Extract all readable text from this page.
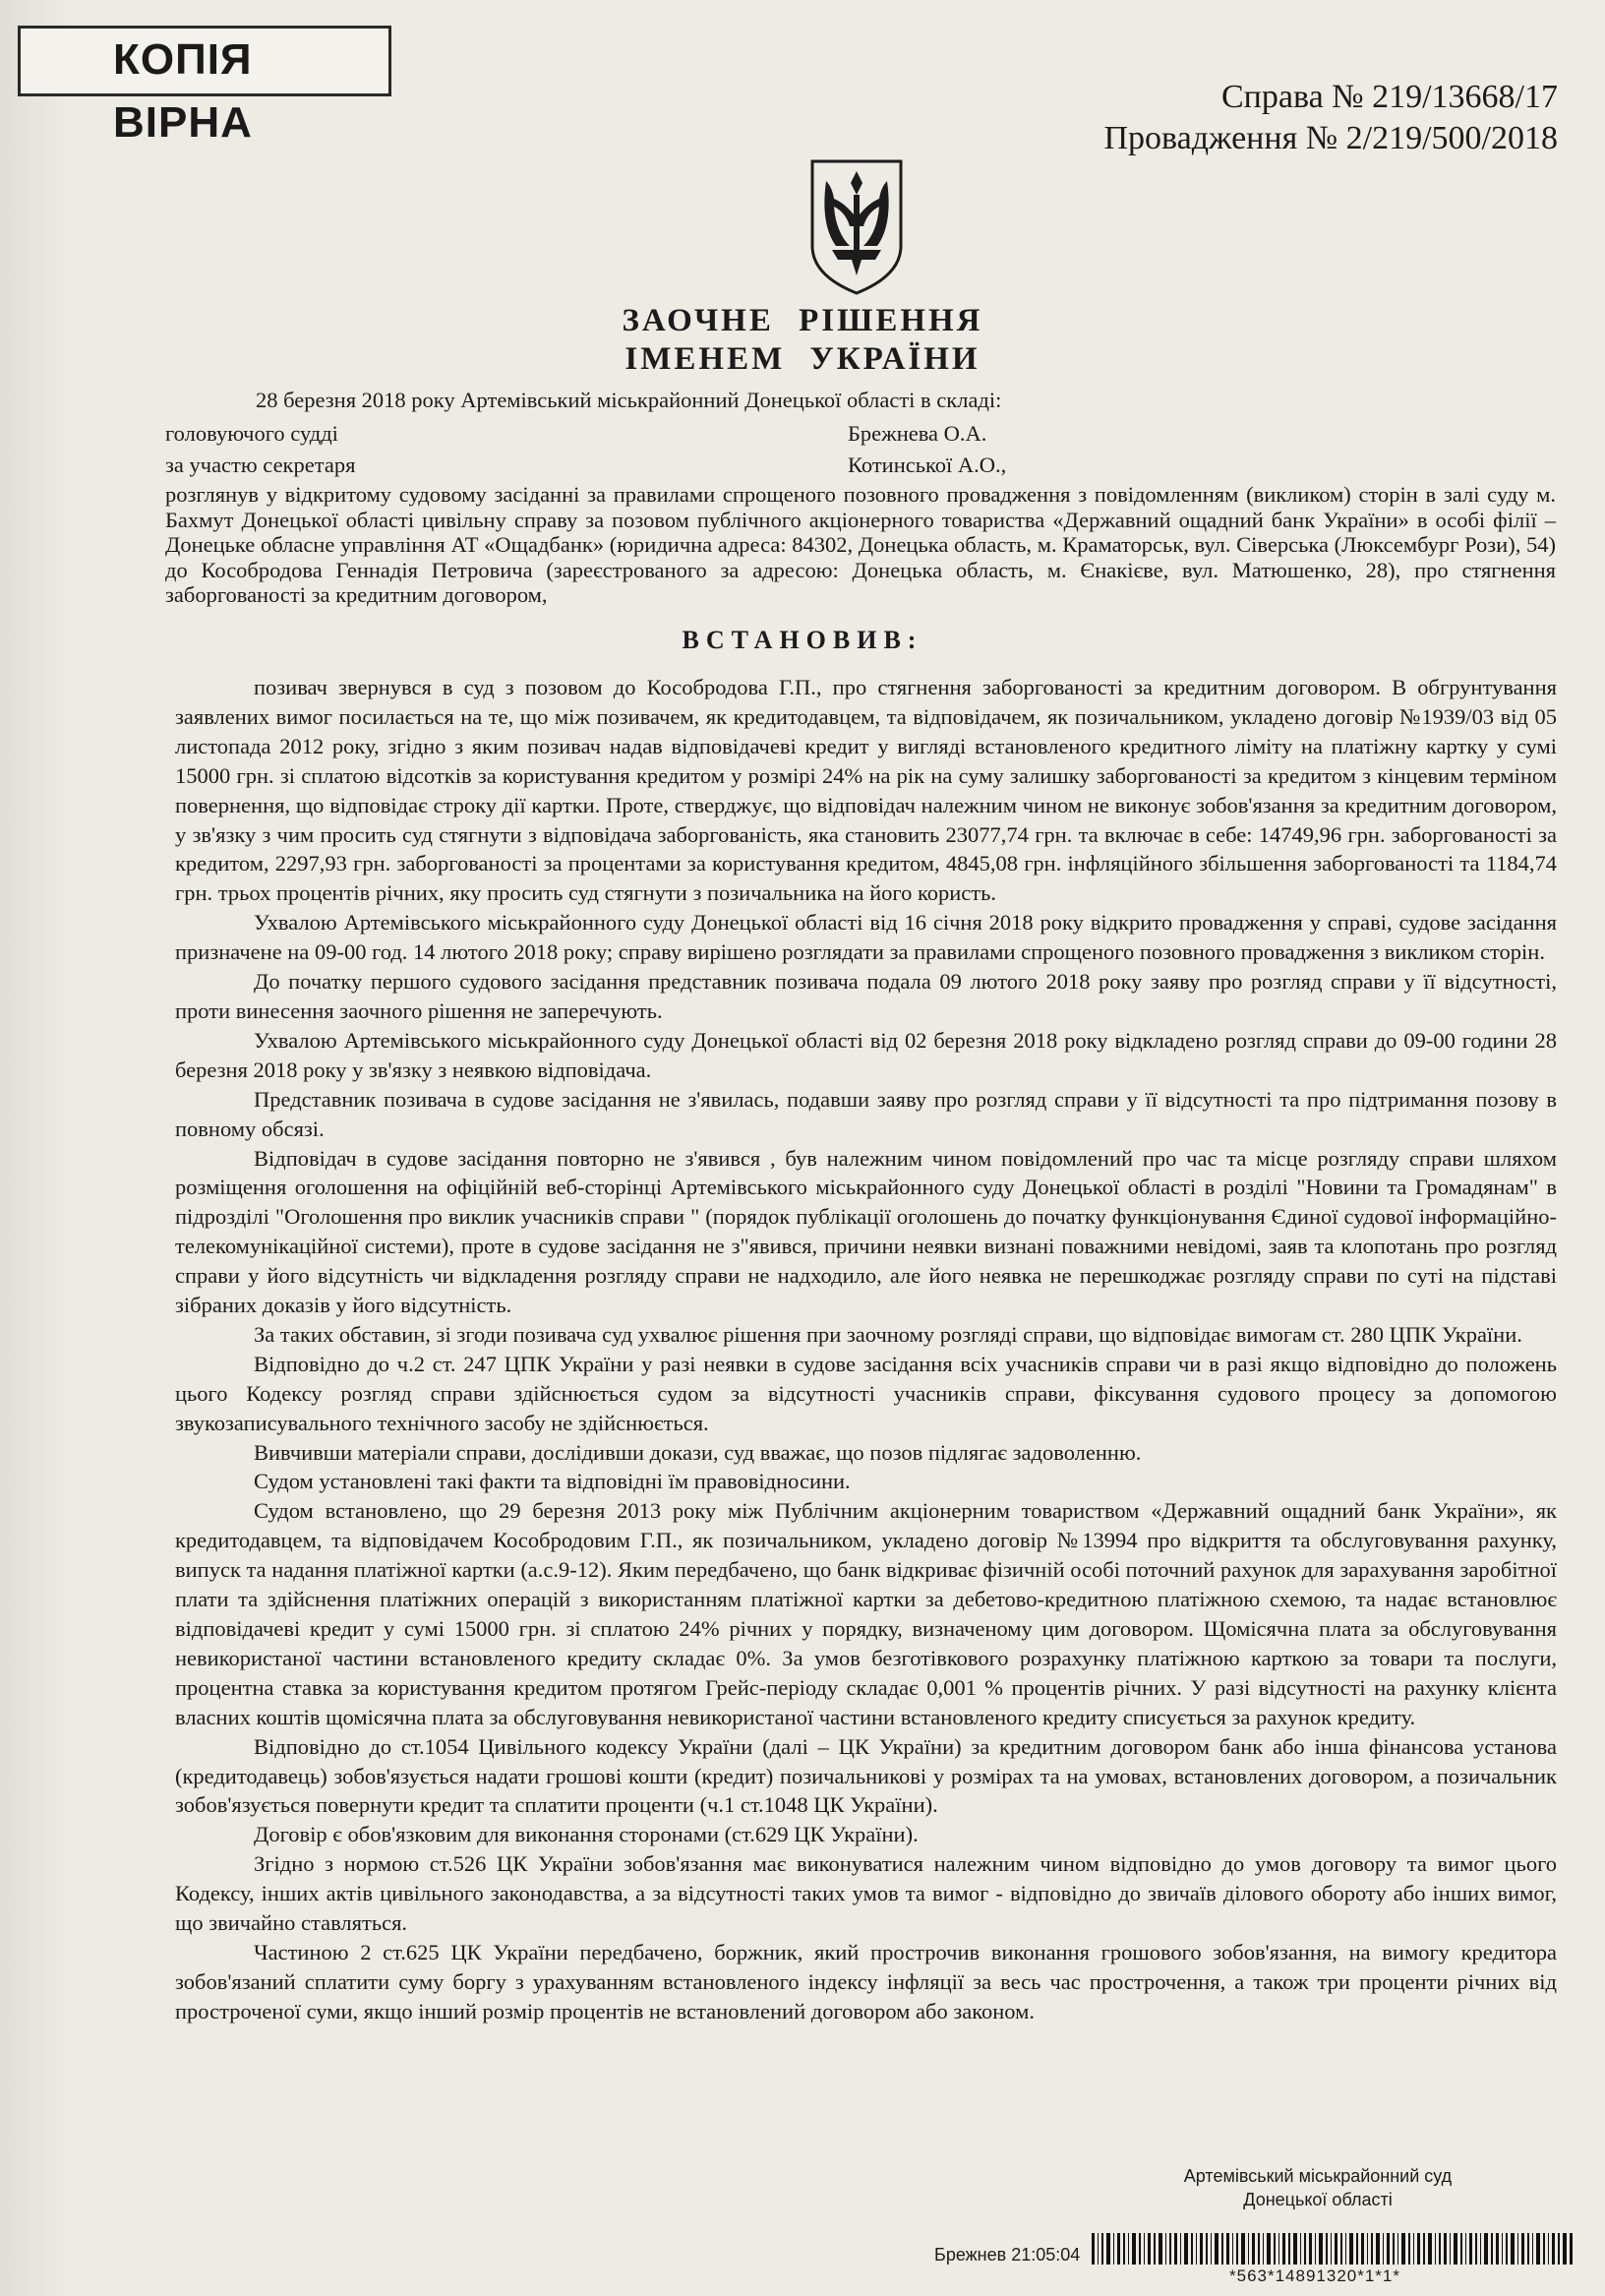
КОПІЯ ВІРНА
Справа № 219/13668/17
Провадження № 2/219/500/2018
ЗАОЧНЕ РІШЕННЯ
ІМЕНЕМ УКРАЇНИ
28 березня 2018 року Артемівський міськрайонний Донецької області в складі:
головуючого судді	Брежнева О.А.
за участю секретаря	Котинської А.О.,
розглянув у відкритому судовому засіданні за правилами спрощеного позовного провадження з повідомленням (викликом) сторін в залі суду м. Бахмут Донецької області цивільну справу за позовом публічного акціонерного товариства «Державний ощадний банк України» в особі філії – Донецьке обласне управління АТ «Ощадбанк» (юридична адреса: 84302, Донецька область, м. Краматорськ, вул. Сіверська (Люксембург Рози), 54) до Кособродова Геннадія Петровича (зареєстрованого за адресою: Донецька область, м. Єнакієве, вул. Матюшенко, 28), про стягнення заборгованості за кредитним договором,
ВСТАНОВИВ:

позивач звернувся в суд з позовом до Кособродова Г.П., про стягнення заборгованості за кредитним договором. В обгрунтування заявлених вимог посилається на те, що між позивачем, як кредитодавцем, та відповідачем, як позичальником, укладено договір №1939/03 від 05 листопада 2012 року, згідно з яким позивач надав відповідачеві кредит у вигляді встановленого кредитного ліміту на платіжну картку у сумі 15000 грн. зі сплатою відсотків за користування кредитом у розмірі 24% на рік на суму залишку заборгованості за кредитом з кінцевим терміном повернення, що відповідає строку дії картки. Проте, стверджує, що відповідач належним чином не виконує зобов'язання за кредитним договором, у зв'язку з чим просить суд стягнути з відповідача заборгованість, яка становить 23077,74 грн. та включає в себе: 14749,96 грн. заборгованості за кредитом, 2297,93 грн. заборгованості за процентами за користування кредитом, 4845,08 грн. інфляційного збільшення заборгованості та 1184,74 грн. трьох процентів річних, яку просить суд стягнути з позичальника на його користь.

Ухвалою Артемівського міськрайонного суду Донецької області від 16 січня 2018 року відкрито провадження у справі, судове засідання призначене на 09-00 год. 14 лютого 2018 року; справу вирішено розглядати за правилами спрощеного позовного провадження з викликом сторін.

До початку першого судового засідання представник позивача подала 09 лютого 2018 року заяву про розгляд справи у її відсутності, проти винесення заочного рішення не заперечують.

Ухвалою Артемівського міськрайонного суду Донецької області від 02 березня 2018 року відкладено розгляд справи до 09-00 години 28 березня 2018 року у зв'язку з неявкою відповідача.

Представник позивача в судове засідання не з'явилась, подавши заяву про розгляд справи у її відсутності та про підтримання позову в повному обсязі.

Відповідач в судове засідання повторно не з'явився , був належним чином повідомлений про час та місце розгляду справи шляхом розміщення оголошення на офіційній веб-сторінці Артемівського міськрайонного суду Донецької області в розділі "Новини та Громадянам" в підрозділі "Оголошення про виклик учасників справи " (порядок публікації оголошень до початку функціонування Єдиної судової інформаційно-телекомунікаційної системи), проте в судове засідання не з"явився, причини неявки визнані поважними невідомі, заяв та клопотань про розгляд справи у його відсутність чи відкладення розгляду справи не надходило, але його неявка не перешкоджає розгляду справи по суті на підставі зібраних доказів у його відсутність.

За таких обставин, зі згоди позивача суд ухвалює рішення при заочному розгляді справи, що відповідає вимогам ст. 280 ЦПК України.

Відповідно до ч.2 ст. 247 ЦПК України у разі неявки в судове засідання всіх учасників справи чи в разі якщо відповідно до положень цього Кодексу розгляд справи здійснюється судом за відсутності учасників справи, фіксування судового процесу за допомогою звукозаписувального технічного засобу не здійснюється.

Вивчивши матеріали справи, дослідивши докази, суд вважає, що позов підлягає задоволенню.

Судом установлені такі факти та відповідні їм правовідносини.

Судом встановлено, що 29 березня 2013 року між Публічним акціонерним товариством «Державний ощадний банк України», як кредитодавцем, та відповідачем Кособродовим Г.П., як позичальником, укладено договір №13994 про відкриття та обслуговування рахунку, випуск та надання платіжної картки (а.с.9-12). Яким передбачено, що банк відкриває фізичній особі поточний рахунок для зарахування заробітної плати та здійснення платіжних операцій з використанням платіжної картки за дебетово-кредитною платіжною схемою, та надає встановлює відповідачеві кредит у сумі 15000 грн. зі сплатою 24% річних у порядку, визначеному цим договором. Щомісячна плата за обслуговування невикористаної частини встановленого кредиту складає 0%. За умов безготівкового розрахунку платіжною карткою за товари та послуги, процентна ставка за користування кредитом протягом Грейс-періоду складає 0,001 % процентів річних. У разі відсутності на рахунку клієнта власних коштів щомісячна плата за обслуговування невикористаної частини встановленого кредиту списується за рахунок кредиту.

Відповідно до ст.1054 Цивільного кодексу України (далі – ЦК України) за кредитним договором банк або інша фінансова установа (кредитодавець) зобов'язується надати грошові кошти (кредит) позичальникові у розмірах та на умовах, встановлених договором, а позичальник зобов'язується повернути кредит та сплатити проценти (ч.1 ст.1048 ЦК України).

Договір є обов'язковим для виконання сторонами (ст.629 ЦК України).

Згідно з нормою ст.526 ЦК України зобов'язання має виконуватися належним чином відповідно до умов договору та вимог цього Кодексу, інших актів цивільного законодавства, а за відсутності таких умов та вимог - відповідно до звичаїв ділового обороту або інших вимог, що звичайно ставляться.

Частиною 2 ст.625 ЦК України передбачено, боржник, який прострочив виконання грошового зобов'язання, на вимогу кредитора зобов'язаний сплатити суму боргу з урахуванням встановленого індексу інфляції за весь час прострочення, а також три проценти річних від простроченої суми, якщо інший розмір процентів не встановлений договором або законом.

Артемівський міськрайонний суд
Донецької області
Брежнев 21:05:04
*563*14891320*1*1*
